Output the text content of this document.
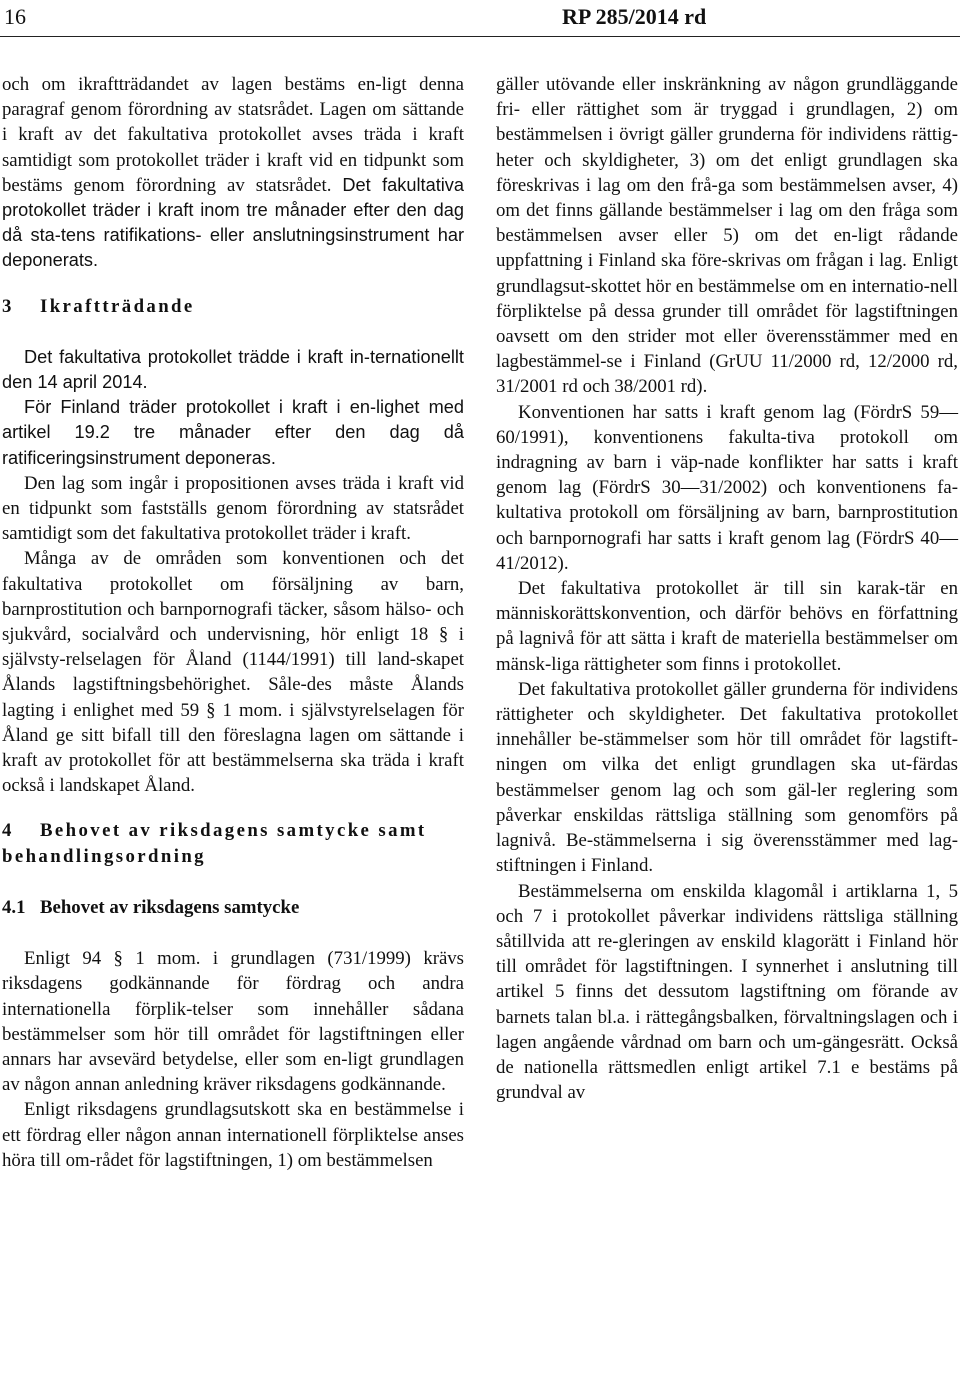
16	RP 285/2014 rd

och om ikraftträdandet av lagen bestäms en-ligt denna paragraf genom förordning av statsrådet. Lagen om sättande i kraft av det fakultativa protokollet avses träda i kraft samtidigt som protokollet träder i kraft vid en tidpunkt som bestäms genom förordning av statsrådet. Det fakultativa protokollet träder i kraft inom tre månader efter den dag då sta-tens ratifikations- eller anslutningsinstrument har deponerats.

3 Ikraftträdande

Det fakultativa protokollet trädde i kraft in-ternationellt den 14 april 2014.

För Finland träder protokollet i kraft i en-lighet med artikel 19.2 tre månader efter den dag då ratificeringsinstrument deponeras.

Den lag som ingår i propositionen avses träda i kraft vid en tidpunkt som fastställs genom förordning av statsrådet samtidigt som det fakultativa protokollet träder i kraft.

Många av de områden som konventionen och det fakultativa protokollet om försäljning av barn, barnprostitution och barnpornografi täcker, såsom hälso- och sjukvård, socialvård och undervisning, hör enligt 18 § i självsty-relselagen för Åland (1144/1991) till land-skapet Ålands lagstiftningsbehörighet. Såle-des måste Ålands lagting i enlighet med 59 § 1 mom. i självstyrelselagen för Åland ge sitt bifall till den föreslagna lagen om sättande i kraft av protokollet för att bestämmelserna ska träda i kraft också i landskapet Åland.

4 Behovet av riksdagens samtycke samt behandlingsordning

4.1 Behovet av riksdagens samtycke

Enligt 94 § 1 mom. i grundlagen (731/1999) krävs riksdagens godkännande för fördrag och andra internationella förplik-telser som innehåller sådana bestämmelser som hör till området för lagstiftningen eller annars har avsevärd betydelse, eller som en-ligt grundlagen av någon annan anledning kräver riksdagens godkännande.

Enligt riksdagens grundlagsutskott ska en bestämmelse i ett fördrag eller någon annan internationell förpliktelse anses höra till om-rådet för lagstiftningen, 1) om bestämmelsen

gäller utövande eller inskränkning av någon grundläggande fri- eller rättighet som är tryggad i grundlagen, 2) om bestämmelsen i övrigt gäller grunderna för individens rättig-heter och skyldigheter, 3) om det enligt grundlagen ska föreskrivas i lag om den frå-ga som bestämmelsen avser, 4) om det finns gällande bestämmelser i lag om den fråga som bestämmelsen avser eller 5) om det en-ligt rådande uppfattning i Finland ska före-skrivas om frågan i lag. Enligt grundlagsut-skottet hör en bestämmelse om en internatio-nell förpliktelse på dessa grunder till området för lagstiftningen oavsett om den strider mot eller överensstämmer med en lagbestämmel-se i Finland (GrUU 11/2000 rd, 12/2000 rd, 31/2001 rd och 38/2001 rd).

Konventionen har satts i kraft genom lag (FördrS 59—60/1991), konventionens fakulta-tiva protokoll om indragning av barn i väp-nade konflikter har satts i kraft genom lag (FördrS 30—31/2002) och konventionens fa-kultativa protokoll om försäljning av barn, barnprostitution och barnpornografi har satts i kraft genom lag (FördrS 40—41/2012).

Det fakultativa protokollet är till sin karak-tär en människorättskonvention, och därför behövs en författning på lagnivå för att sätta i kraft de materiella bestämmelser om mänsk-liga rättigheter som finns i protokollet.

Det fakultativa protokollet gäller grunderna för individens rättigheter och skyldigheter. Det fakultativa protokollet innehåller be-stämmelser som hör till området för lagstift-ningen om vilka det enligt grundlagen ska ut-färdas bestämmelser genom lag och som gäl-ler reglering som påverkar enskildas rättsliga ställning som genomförs på lagnivå. Be-stämmelserna i sig överensstämmer med lag-stiftningen i Finland.

Bestämmelserna om enskilda klagomål i artiklarna 1, 5 och 7 i protokollet påverkar individens rättsliga ställning såtillvida att re-gleringen av enskild klagorätt i Finland hör till området för lagstiftningen. I synnerhet i anslutning till artikel 5 finns det dessutom lagstiftning om förande av barnets talan bl.a. i rättegångsbalken, förvaltningslagen och i lagen angående vårdnad om barn och um-gängesrätt. Också de nationella rättsmedlen enligt artikel 7.1 e bestäms på grundval av
